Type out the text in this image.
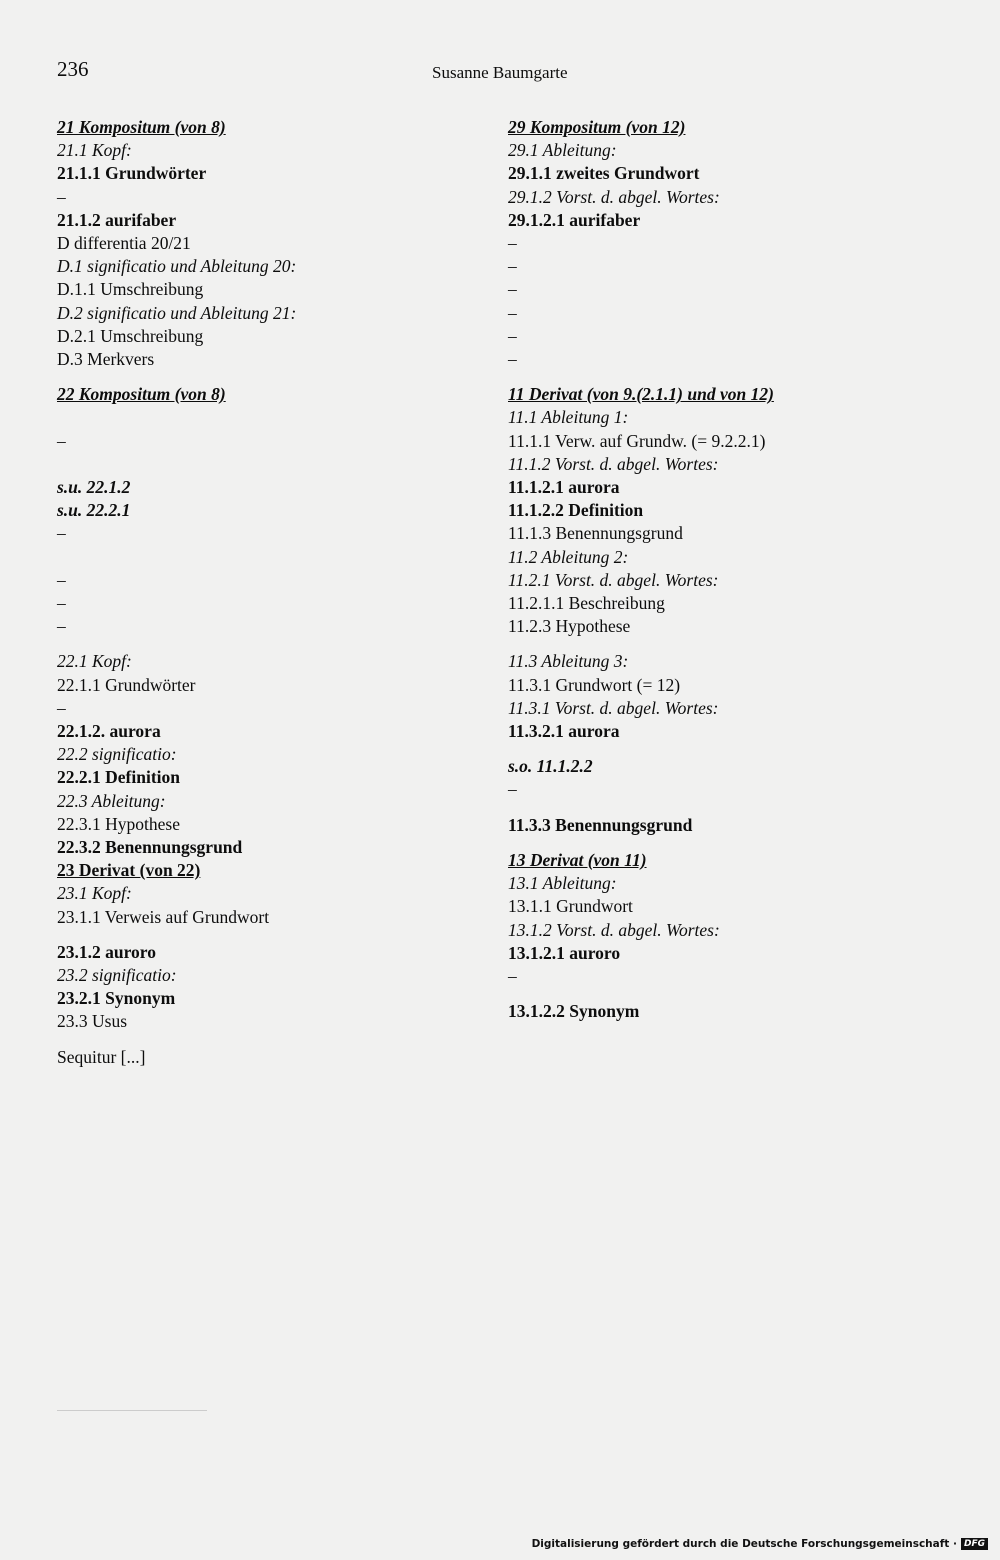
236	Susanne Baumgarte
21 Kompositum (von 8)
21.1 Kopf:
21.1.1 Grundwörter
–
21.1.2 aurifaber
D differentia 20/21
D.1 significatio und Ableitung 20:
D.1.1 Umschreibung
D.2 significatio und Ableitung 21:
D.2.1 Umschreibung
D.3 Merkvers
22 Kompositum (von 8)
–
s.u. 22.1.2
s.u. 22.2.1
–
–
–
–
22.1 Kopf:
22.1.1 Grundwörter
–
22.1.2. aurora
22.2 significatio:
22.2.1 Definition
22.3 Ableitung:
22.3.1 Hypothese
22.3.2 Benennungsgrund
23 Derivat (von 22)
23.1 Kopf:
23.1.1 Verweis auf Grundwort
23.1.2 auroro
23.2 significatio:
23.2.1 Synonym
23.3 Usus
Sequitur [...]
29 Kompositum (von 12)
29.1 Ableitung:
29.1.1 zweites Grundwort
29.1.2 Vorst. d. abgel. Wortes:
29.1.2.1 aurifaber
–
–
–
–
–
–
11 Derivat (von 9.(2.1.1) und von 12)
11.1 Ableitung 1:
11.1.1 Verw. auf Grundw. (= 9.2.2.1)
11.1.2 Vorst. d. abgel. Wortes:
11.1.2.1 aurora
11.1.2.2 Definition
11.1.3 Benennungsgrund
11.2 Ableitung 2:
11.2.1 Vorst. d. abgel. Wortes:
11.2.1.1 Beschreibung
11.2.3 Hypothese
11.3 Ableitung 3:
11.3.1 Grundwort (= 12)
11.3.1 Vorst. d. abgel. Wortes:
11.3.2.1 aurora
s.o. 11.1.2.2
–
11.3.3 Benennungsgrund
13 Derivat (von 11)
13.1 Ableitung:
13.1.1 Grundwort
13.1.2 Vorst. d. abgel. Wortes:
13.1.2.1 auroro
–
13.1.2.2 Synonym
Digitalisierung gefördert durch die Deutsche Forschungsgemeinschaft · DFG
